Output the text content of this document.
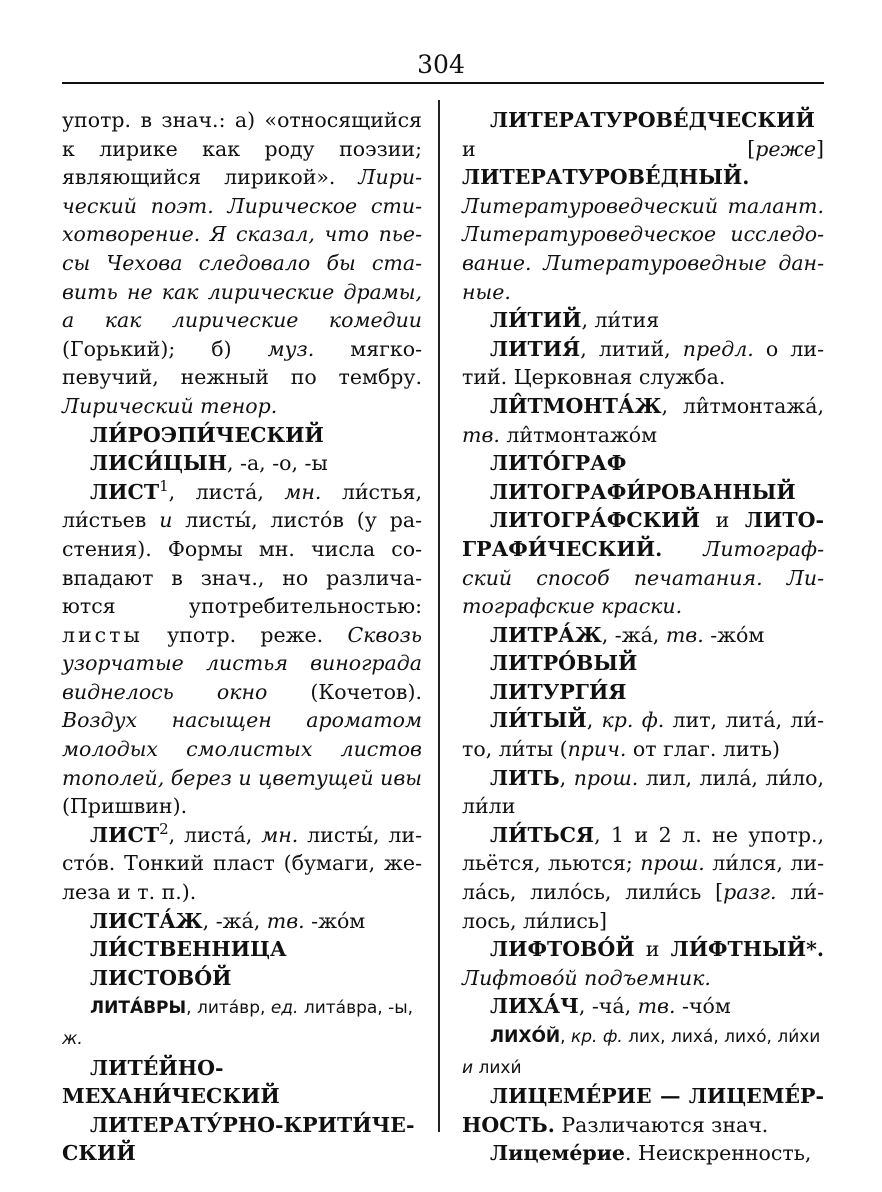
304

употр. в знач.: а) «относящийся к лирике как роду поэзии; являющийся лирикой». Лирический поэт. Лирическое стихотворение. Я сказал, что пьесы Чехова следовало бы ставить не как лирические драмы, а как лирические комедии (Горький); б) муз. мягкопевучий, нежный по тембру. Лирический тенор.

ЛИ́РОЭПИ́ЧЕСКИЙ

ЛИСИ́ЦЫН, -а, -о, -ы

ЛИСТ$^1$, листа́, мн. ли́стья, ли́стьев и листы́, листо́в (у растения). Формы мн. числа совпадают в знач., но различаются употребительностью: листы употр. реже. Сквозь узорчатые листья винограда виднелось окно (Кочетов). Воздух насыщен ароматом молодых смолистых листов тополей, берез и цветущей ивы (Пришвин).

ЛИСТ$^2$, листа́, мн. листы́, листо́в. Тонкий пласт (бумаги, железа и т. п.).

ЛИСТА́Ж, -жа́, тв. -жо́м

ЛИ́СТВЕННИЦА

ЛИСТОВО́Й

ЛИТА́ВРЫ, лита́вр, ед. лита́вра, -ы, ж.

ЛИТЕ́ЙНО-МЕХАНИ́ЧЕСКИЙ

ЛИТЕРАТУ́РНО-КРИТИ́ЧЕСКИЙ

ЛИТЕРАТУРОВЕ́ДЧЕСКИЙ и [реже] ЛИТЕРАТУРОВЕ́ДНЫЙ. Литературоведческий талант. Литературоведческое исследование. Литературоведные данные.

ЛИ́ТИЙ, ли́тия

ЛИТИЯ́, литий́, предл. о литий́. Церковная служба.

ЛИ̂ТМОНТА́Ж, ли̂тмонтажа́, тв. ли̂тмонтажо́м

ЛИТО́ГРАФ

ЛИТОГРАФИ́РОВАННЫЙ

ЛИТОГРА́ФСКИЙ и ЛИТОГРАФИ́ЧЕСКИЙ. Литографский способ печатания. Литографские краски.

ЛИТРА́Ж, -жа́, тв. -жо́м

ЛИТРО́ВЫЙ

ЛИТУРГИ́Я

ЛИ́ТЫЙ, кр. ф. лит, лита́, ли́то, ли́ты (прич. от глаг. лить)

ЛИТЬ, прош. лил, лила́, ли́ло, ли́ли

ЛИ́ТЬСЯ, 1 и 2 л. не употр., льётся, льются; прош. ли́лся, лила́сь, лило́сь, лили́сь [разг. ли́лось, ли́лись]

ЛИФТОВО́Й и ЛИ́ФТНЫЙ*. Лифтово́й подъемник.

ЛИХА́Ч, -ча́, тв. -чо́м

ЛИХО́Й, кр. ф. лих, лиха́, лихо́, ли́хи и лихи́

ЛИЦЕМЕ́РИЕ — ЛИЦЕМЕ́РНОСТЬ. Различаются знач.

Лицеме́рие. Неискренность,
